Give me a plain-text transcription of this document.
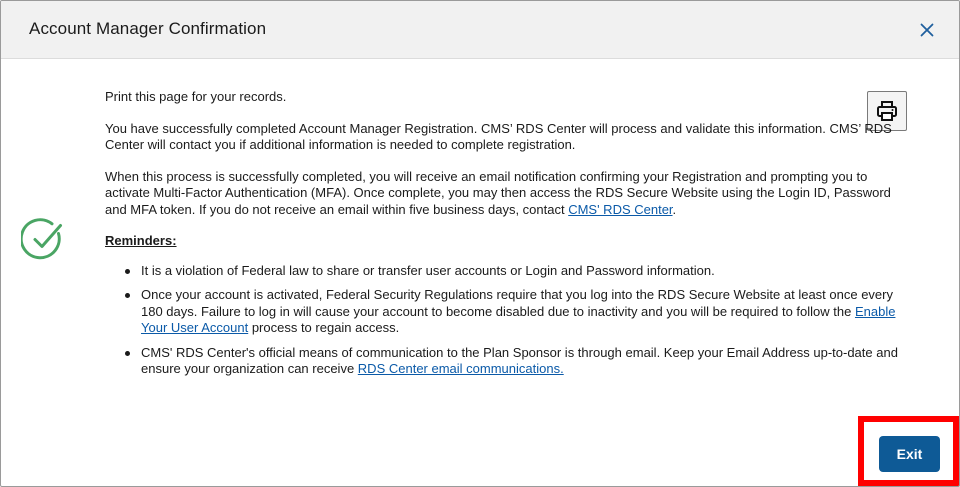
Account Manager Confirmation

Print this page for your records.

You have successfully completed Account Manager Registration. CMS’ RDS Center will process and validate this information. CMS’ RDS Center will contact you if additional information is needed to complete registration.

When this process is successfully completed, you will receive an email notification confirming your Registration and prompting you to activate Multi-Factor Authentication (MFA). Once complete, you may then access the RDS Secure Website using the Login ID, Password and MFA token. If you do not receive an email within five business days, contact CMS' RDS Center.

Reminders:
It is a violation of Federal law to share or transfer user accounts or Login and Password information.
Once your account is activated, Federal Security Regulations require that you log into the RDS Secure Website at least once every 180 days. Failure to log in will cause your account to become disabled due to inactivity and you will be required to follow the Enable Your User Account process to regain access.
CMS' RDS Center's official means of communication to the Plan Sponsor is through email. Keep your Email Address up-to-date and ensure your organization can receive RDS Center email communications.
Exit
